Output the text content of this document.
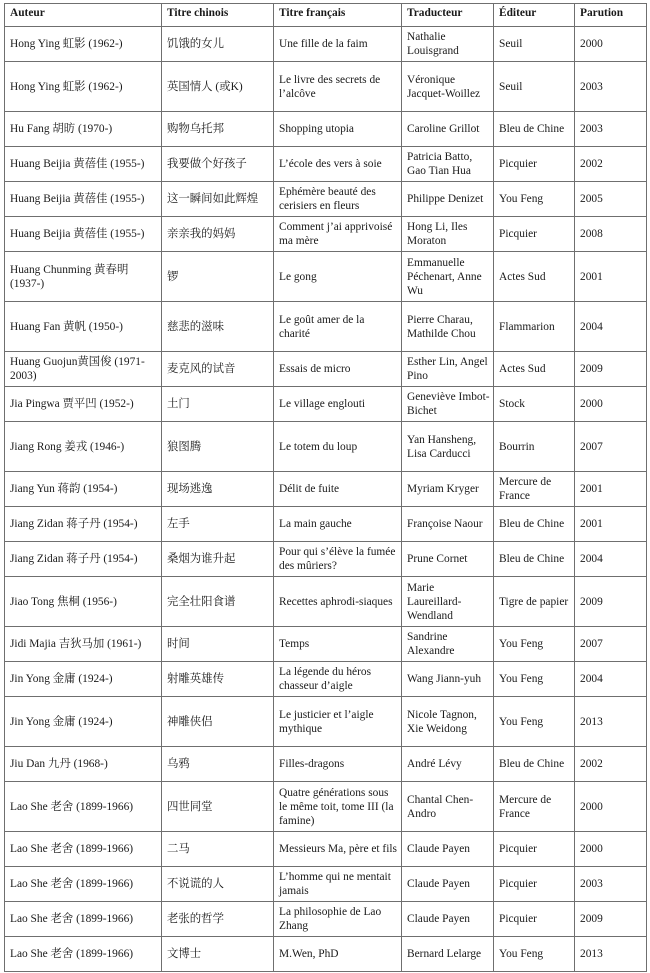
Auteur	Titre chinois	Titre français	Traducteur	Éditeur	Parution
Hong Ying 虹影 (1962-)	饥饿的女儿	Une fille de la faim	Nathalie Louisgrand	Seuil	2000
Hong Ying 虹影 (1962-)	英国情人 (或K)	Le livre des secrets de l’alcôve	Véronique Jacquet-Woillez	Seuil	2003
Hu Fang 胡昉 (1970-)	购物乌托邦	Shopping utopia	Caroline Grillot	Bleu de Chine	2003
Huang Beijia 黄蓓佳 (1955-)	我要做个好孩子	L’école des vers à soie	Patricia Batto, Gao Tian Hua	Picquier	2002
Huang Beijia 黄蓓佳 (1955-)	这一瞬间如此辉煌	Ephémère beauté des cerisiers en fleurs	Philippe Denizet	You Feng	2005
Huang Beijia 黄蓓佳 (1955-)	亲亲我的妈妈	Comment j’ai apprivoisé ma mère	Hong Li, Iles Moraton	Picquier	2008
Huang Chunming 黄春明 (1937-)	锣	Le gong	Emmanuelle Péchenart, Anne Wu	Actes Sud	2001
Huang Fan 黄帆 (1950-)	慈悲的滋味	Le goût amer de la charité	Pierre Charau, Mathilde Chou	Flammarion	2004
Huang Guojun黄国俊 (1971-2003)	麦克风的试音	Essais de micro	Esther Lin, Angel Pino	Actes Sud	2009
Jia Pingwa 贾平凹 (1952-)	土门	Le village englouti	Geneviève Imbot-Bichet	Stock	2000
Jiang Rong 姜戎 (1946-)	狼图腾	Le totem du loup	Yan Hansheng, Lisa Carducci	Bourrin	2007
Jiang Yun 蒋韵 (1954-)	现场逃逸	Délit de fuite	Myriam Kryger	Mercure de France	2001
Jiang Zidan 蒋子丹 (1954-)	左手	La main gauche	Françoise Naour	Bleu de Chine	2001
Jiang Zidan 蒋子丹 (1954-)	桑烟为谁升起	Pour qui s’élève la fumée des mûriers?	Prune Cornet	Bleu de Chine	2004
Jiao Tong 焦桐 (1956-)	完全壮阳食谱	Recettes aphrodi-siaques	Marie Laureillard-Wendland	Tigre de papier	2009
Jidi Majia 吉狄马加 (1961-)	时间	Temps	Sandrine Alexandre	You Feng	2007
Jin Yong 金庸 (1924-)	射雕英雄传	La légende du héros chasseur d’aigle	Wang Jiann-yuh	You Feng	2004
Jin Yong 金庸 (1924-)	神雕侠侣	Le justicier et l’aigle mythique	Nicole Tagnon, Xie Weidong	You Feng	2013
Jiu Dan 九丹 (1968-)	乌鸦	Filles-dragons	André Lévy	Bleu de Chine	2002
Lao She 老舍 (1899-1966)	四世同堂	Quatre générations sous le même toit, tome III (la famine)	Chantal Chen-Andro	Mercure de France	2000
Lao She 老舍 (1899-1966)	二马	Messieurs Ma, père et fils	Claude Payen	Picquier	2000
Lao She 老舍 (1899-1966)	不说谎的人	L’homme qui ne mentait jamais	Claude Payen	Picquier	2003
Lao She 老舍 (1899-1966)	老张的哲学	La philosophie de Lao Zhang	Claude Payen	Picquier	2009
Lao She 老舍 (1899-1966)	文博士	M.Wen, PhD	Bernard Lelarge	You Feng	2013
